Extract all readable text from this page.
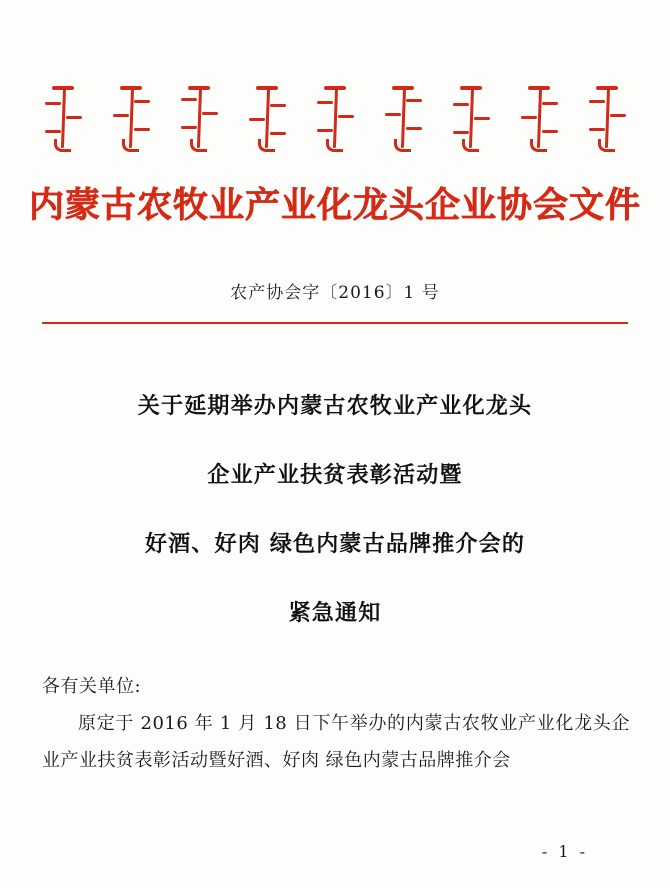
内蒙古农牧业产业化龙头企业协会文件
农产协会字〔2016〕1 号
关于延期举办内蒙古农牧业产业化龙头
企业产业扶贫表彰活动暨
好酒、好肉 绿色内蒙古品牌推介会的
紧急通知
各有关单位:
原定于 2016 年 1 月 18 日下午举办的内蒙古农牧业产业化龙头企业产业扶贫表彰活动暨好酒、好肉 绿色内蒙古品牌推介会
- 1 -
